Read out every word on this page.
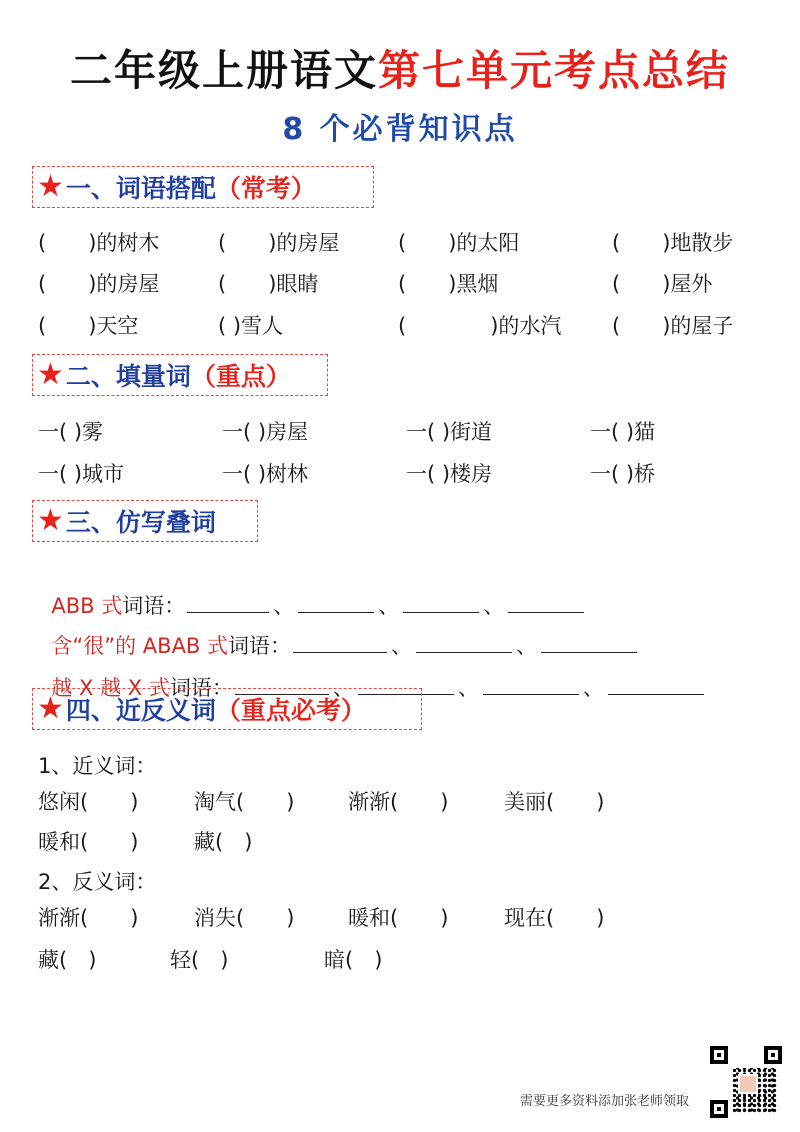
二年级上册语文第七单元考点总结
8 个必背知识点
★ 一、词语搭配 （常考）
(　　)的树木	(　　)的房屋	(　　)的太阳	(　　)地散步
(　　)的房屋	(　　)眼睛	(　　)黑烟	(　　)屋外
(　　)天空	( )雪人	(　　　　)的水汽 (　　)的屋子
★ 二、填量词 （重点）
一( )雾	一( )房屋	一( )街道	一( )猫
一( )城市	一( )树林	一( )楼房	一( )桥
★ 三、仿写叠词

ABB 式词语：	、	、	、

含“很”的 ABAB 式词语：	、	、

越 X 越 X 式词语：	、	、	、

★ 四、近反义词 （重点必考）
1、近义词：
悠闲(　　)	淘气(　　)	渐渐(　　)	美丽(　　)
暖和(　　)	藏(　)
2、反义词：
渐渐(　　)	消失(　　)	暖和(　　)	现在(　　)
藏(　)	轻(　)	暗(　)
需要更多资料添加张老师领取
